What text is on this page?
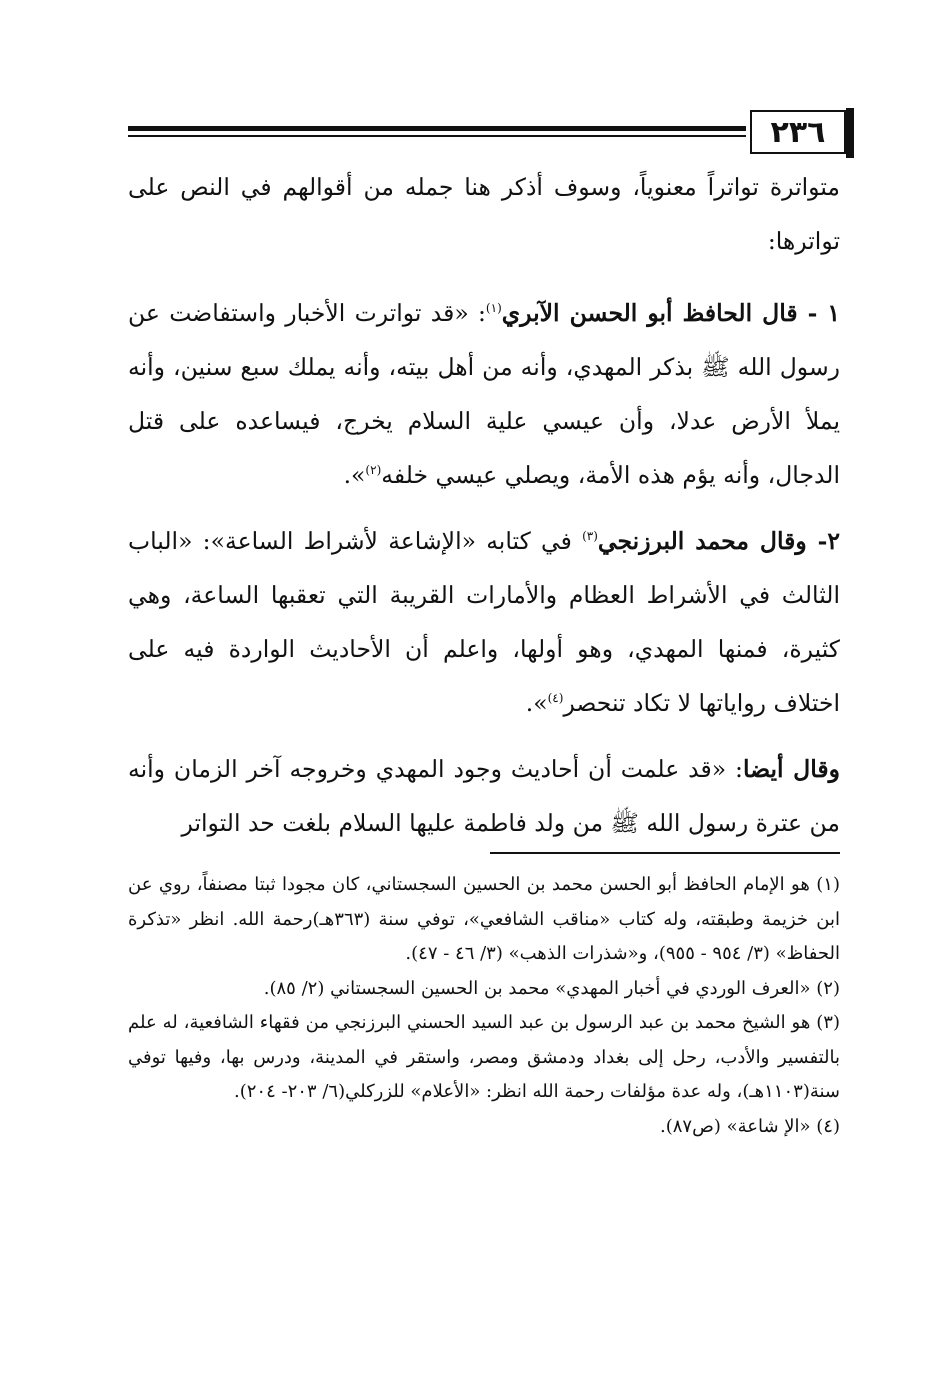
٢٣٦

متواترة تواتراً معنوياً، وسوف أذكر هنا جمله من أقوالهم في النص على تواترها:

١ - قال الحافظ أبو الحسن الآبري$^{(١)}$: «قد تواترت الأخبار واستفاضت عن رسول الله ﷺ بذكر المهدي، وأنه من أهل بيته، وأنه يملك سبع سنين، وأنه يملأ الأرض عدلا، وأن عيسي علية السلام يخرج، فيساعده على قتل الدجال، وأنه يؤم هذه الأمة، ويصلي عيسي خلفه$^{(٢)}$».

٢- وقال محمد البرزنجي$^{(٣)}$ في كتابه «الإشاعة لأشراط الساعة»: «الباب الثالث في الأشراط العظام والأمارات القريبة التي تعقبها الساعة، وهي كثيرة، فمنها المهدي، وهو أولها، واعلم أن الأحاديث الواردة فيه على اختلاف رواياتها لا تكاد تنحصر$^{(٤)}$».

وقال أيضا: «قد علمت أن أحاديث وجود المهدي وخروجه آخر الزمان وأنه من عترة رسول الله ﷺ من ولد فاطمة عليها السلام بلغت حد التواتر

(١) هو الإمام الحافظ أبو الحسن محمد بن الحسين السجستاني، كان مجودا ثبتا مصنفاً، روي عن ابن خزيمة وطبقته، وله كتاب «مناقب الشافعي»، توفي سنة (٣٦٣هـ)رحمة الله. انظر «تذكرة الحفاظ» (٣/ ٩٥٤ - ٩٥٥)، و«شذرات الذهب» (٣/ ٤٦ - ٤٧).

(٢) «العرف الوردي في أخبار المهدي» محمد بن الحسين السجستاني (٢/ ٨٥).

(٣) هو الشيخ محمد بن عبد الرسول بن عبد السيد الحسني البرزنجي من فقهاء الشافعية، له علم بالتفسير والأدب، رحل إلى بغداد ودمشق ومصر، واستقر في المدينة، ودرس بها، وفيها توفي سنة(١١٠٣هـ)، وله عدة مؤلفات رحمة الله انظر: «الأعلام» للزركلي(٦/ ٢٠٣- ٢٠٤).

(٤) «الإ شاعة» (ص٨٧).
